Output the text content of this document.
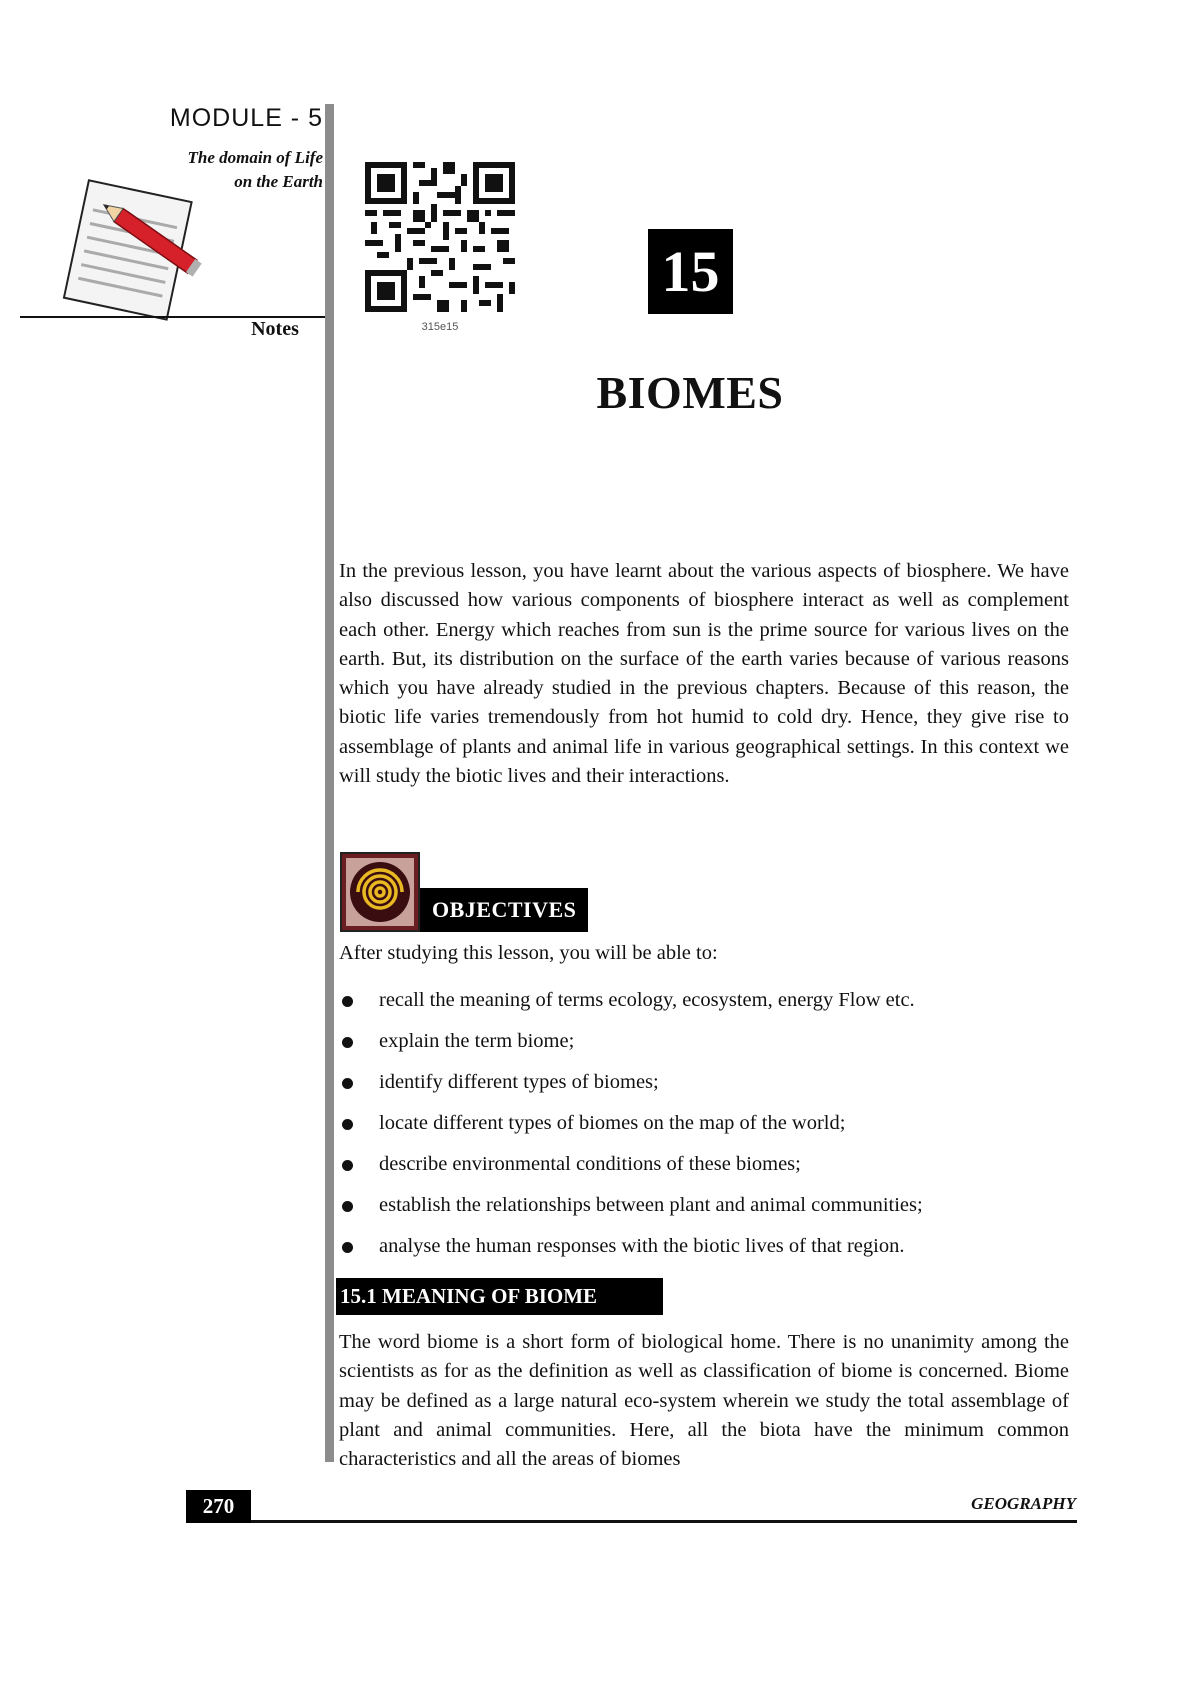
MODULE - 5
The domain of Life
on the Earth
Notes	315e15
15
BIOMES

In the previous lesson, you have learnt about the various aspects of biosphere. We have also discussed how various components of biosphere interact as well as complement each other. Energy which reaches from sun is the prime source for various lives on the earth. But, its distribution on the surface of the earth varies because of various reasons which you have already studied in the previous chapters. Because of this reason, the biotic life varies tremendously from hot humid to cold dry. Hence, they give rise to assemblage of plants and animal life in various geographical settings. In this context we will study the biotic lives and their interactions.

OBJECTIVES
After studying this lesson, you will be able to:
recall the meaning of terms ecology, ecosystem, energy Flow etc.
explain the term biome;
identify different types of biomes;
locate different types of biomes on the map of the world;
describe environmental conditions of these biomes;
establish the relationships between plant and animal communities;
analyse the human responses with the biotic lives of that region.
15.1 MEANING OF BIOME

The word biome is a short form of biological home. There is no unanimity among the scientists as for as the definition as well as classification of biome is concerned. Biome may be defined as a large natural eco-system wherein we study the total assemblage of plant and animal communities. Here, all the biota have the minimum common characteristics and all the areas of biomes

270	GEOGRAPHY
